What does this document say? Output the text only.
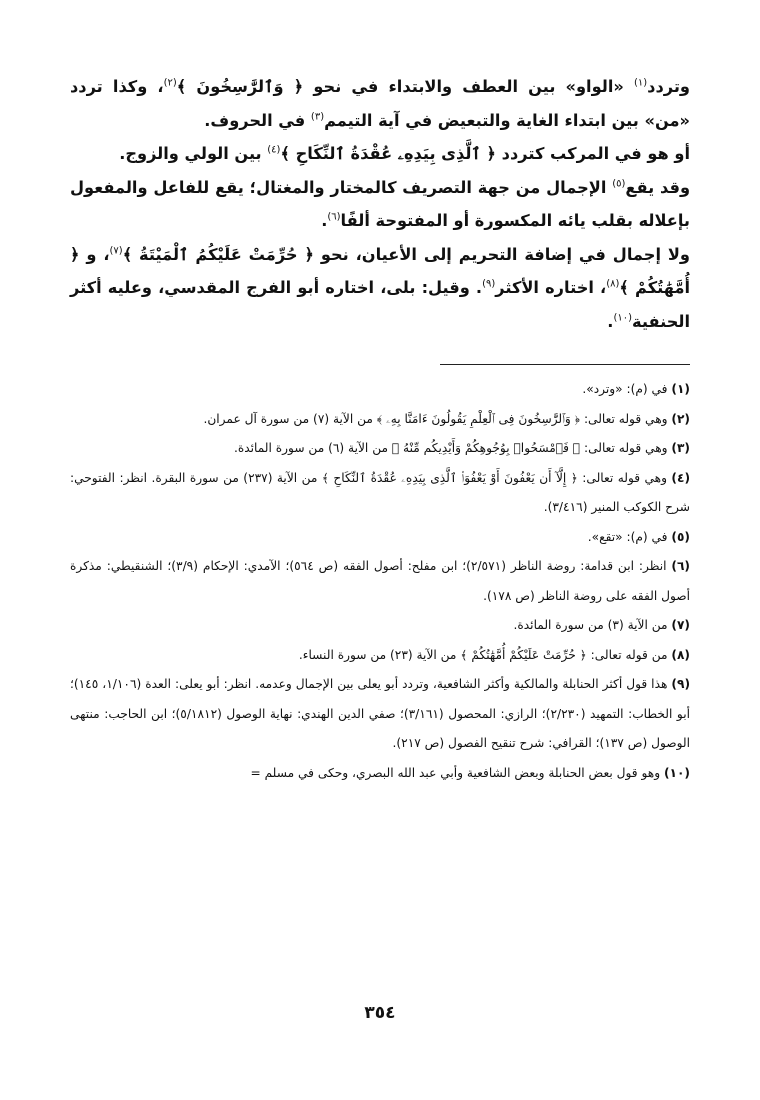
وتردد$^{(١)}$ «الواو» بين العطف والابتداء في نحو ﴿ وَٱلرَّٰسِخُونَ ﴾$^{(٢)}$، وكذا تردد «من» بين ابتداء الغاية والتبعيض في آية التيمم$^{(٣)}$ في الحروف.

أو هو في المركب كتردد ﴿ ٱلَّذِى بِيَدِهِۦ عُقْدَةُ ٱلنِّكَاحِ ﴾$^{(٤)}$ بين الولي والزوج.

وقد يقع$^{(٥)}$ الإجمال من جهة التصريف كالمختار والمغتال؛ يقع للفاعل والمفعول بإعلاله بقلب يائه المكسورة أو المفتوحة ألفًا$^{(٦)}$.

ولا إجمال في إضافة التحريم إلى الأعيان، نحو ﴿ حُرِّمَتْ عَلَيْكُمُ ٱلْمَيْتَةُ ﴾$^{(٧)}$، و ﴿ أُمَّهَٰتُكُمْ ﴾$^{(٨)}$، اختاره الأكثر$^{(٩)}$. وقيل: بلى، اختاره أبو الفرج المقدسي، وعليه أكثر الحنفية$^{(١٠)}$.

(١) في (م): «وترد».

(٢) وهي قوله تعالى: ﴿ وَٱلرَّٰسِخُونَ فِى ٱلْعِلْمِ يَقُولُونَ ءَامَنَّا بِهِۦ ﴾ من الآية (٧) من سورة آل عمران.

(٣) وهي قوله تعالى: ﴿ فَٱمْسَحُوا۟ بِوُجُوهِكُمْ وَأَيْدِيكُم مِّنْهُ ﴾ من الآية (٦) من سورة المائدة.

(٤) وهي قوله تعالى: ﴿ إِلَّآ أَن يَعْفُونَ أَوْ يَعْفُوَا۟ ٱلَّذِى بِيَدِهِۦ عُقْدَةُ ٱلنِّكَاحِ ﴾ من الآية (٢٣٧) من سورة البقرة. انظر: الفتوحي: شرح الكوكب المنير (٣/٤١٦).

(٥) في (م): «تقع».

(٦) انظر: ابن قدامة: روضة الناظر (٢/٥٧١)؛ ابن مفلح: أصول الفقه (ص ٥٦٤)؛ الآمدي: الإحكام (٣/٩)؛ الشنقيطي: مذكرة أصول الفقه على روضة الناظر (ص ١٧٨).

(٧) من الآية (٣) من سورة المائدة.

(٨) من قوله تعالى: ﴿ حُرِّمَتْ عَلَيْكُمْ أُمَّهَٰتُكُمْ ﴾ من الآية (٢٣) من سورة النساء.

(٩) هذا قول أكثر الحنابلة والمالكية وأكثر الشافعية، وتردد أبو يعلى بين الإجمال وعدمه. انظر: أبو يعلى: العدة (١/١٠٦، ١٤٥)؛ أبو الخطاب: التمهيد (٢/٢٣٠)؛ الرازي: المحصول (٣/١٦١)؛ صفي الدين الهندي: نهاية الوصول (٥/١٨١٢)؛ ابن الحاجب: منتهى الوصول (ص ١٣٧)؛ القرافي: شرح تنقيح الفصول (ص ٢١٧).

(١٠) وهو قول بعض الحنابلة وبعض الشافعية وأبي عبد الله البصري، وحكى في مسلم =

٣٥٤
